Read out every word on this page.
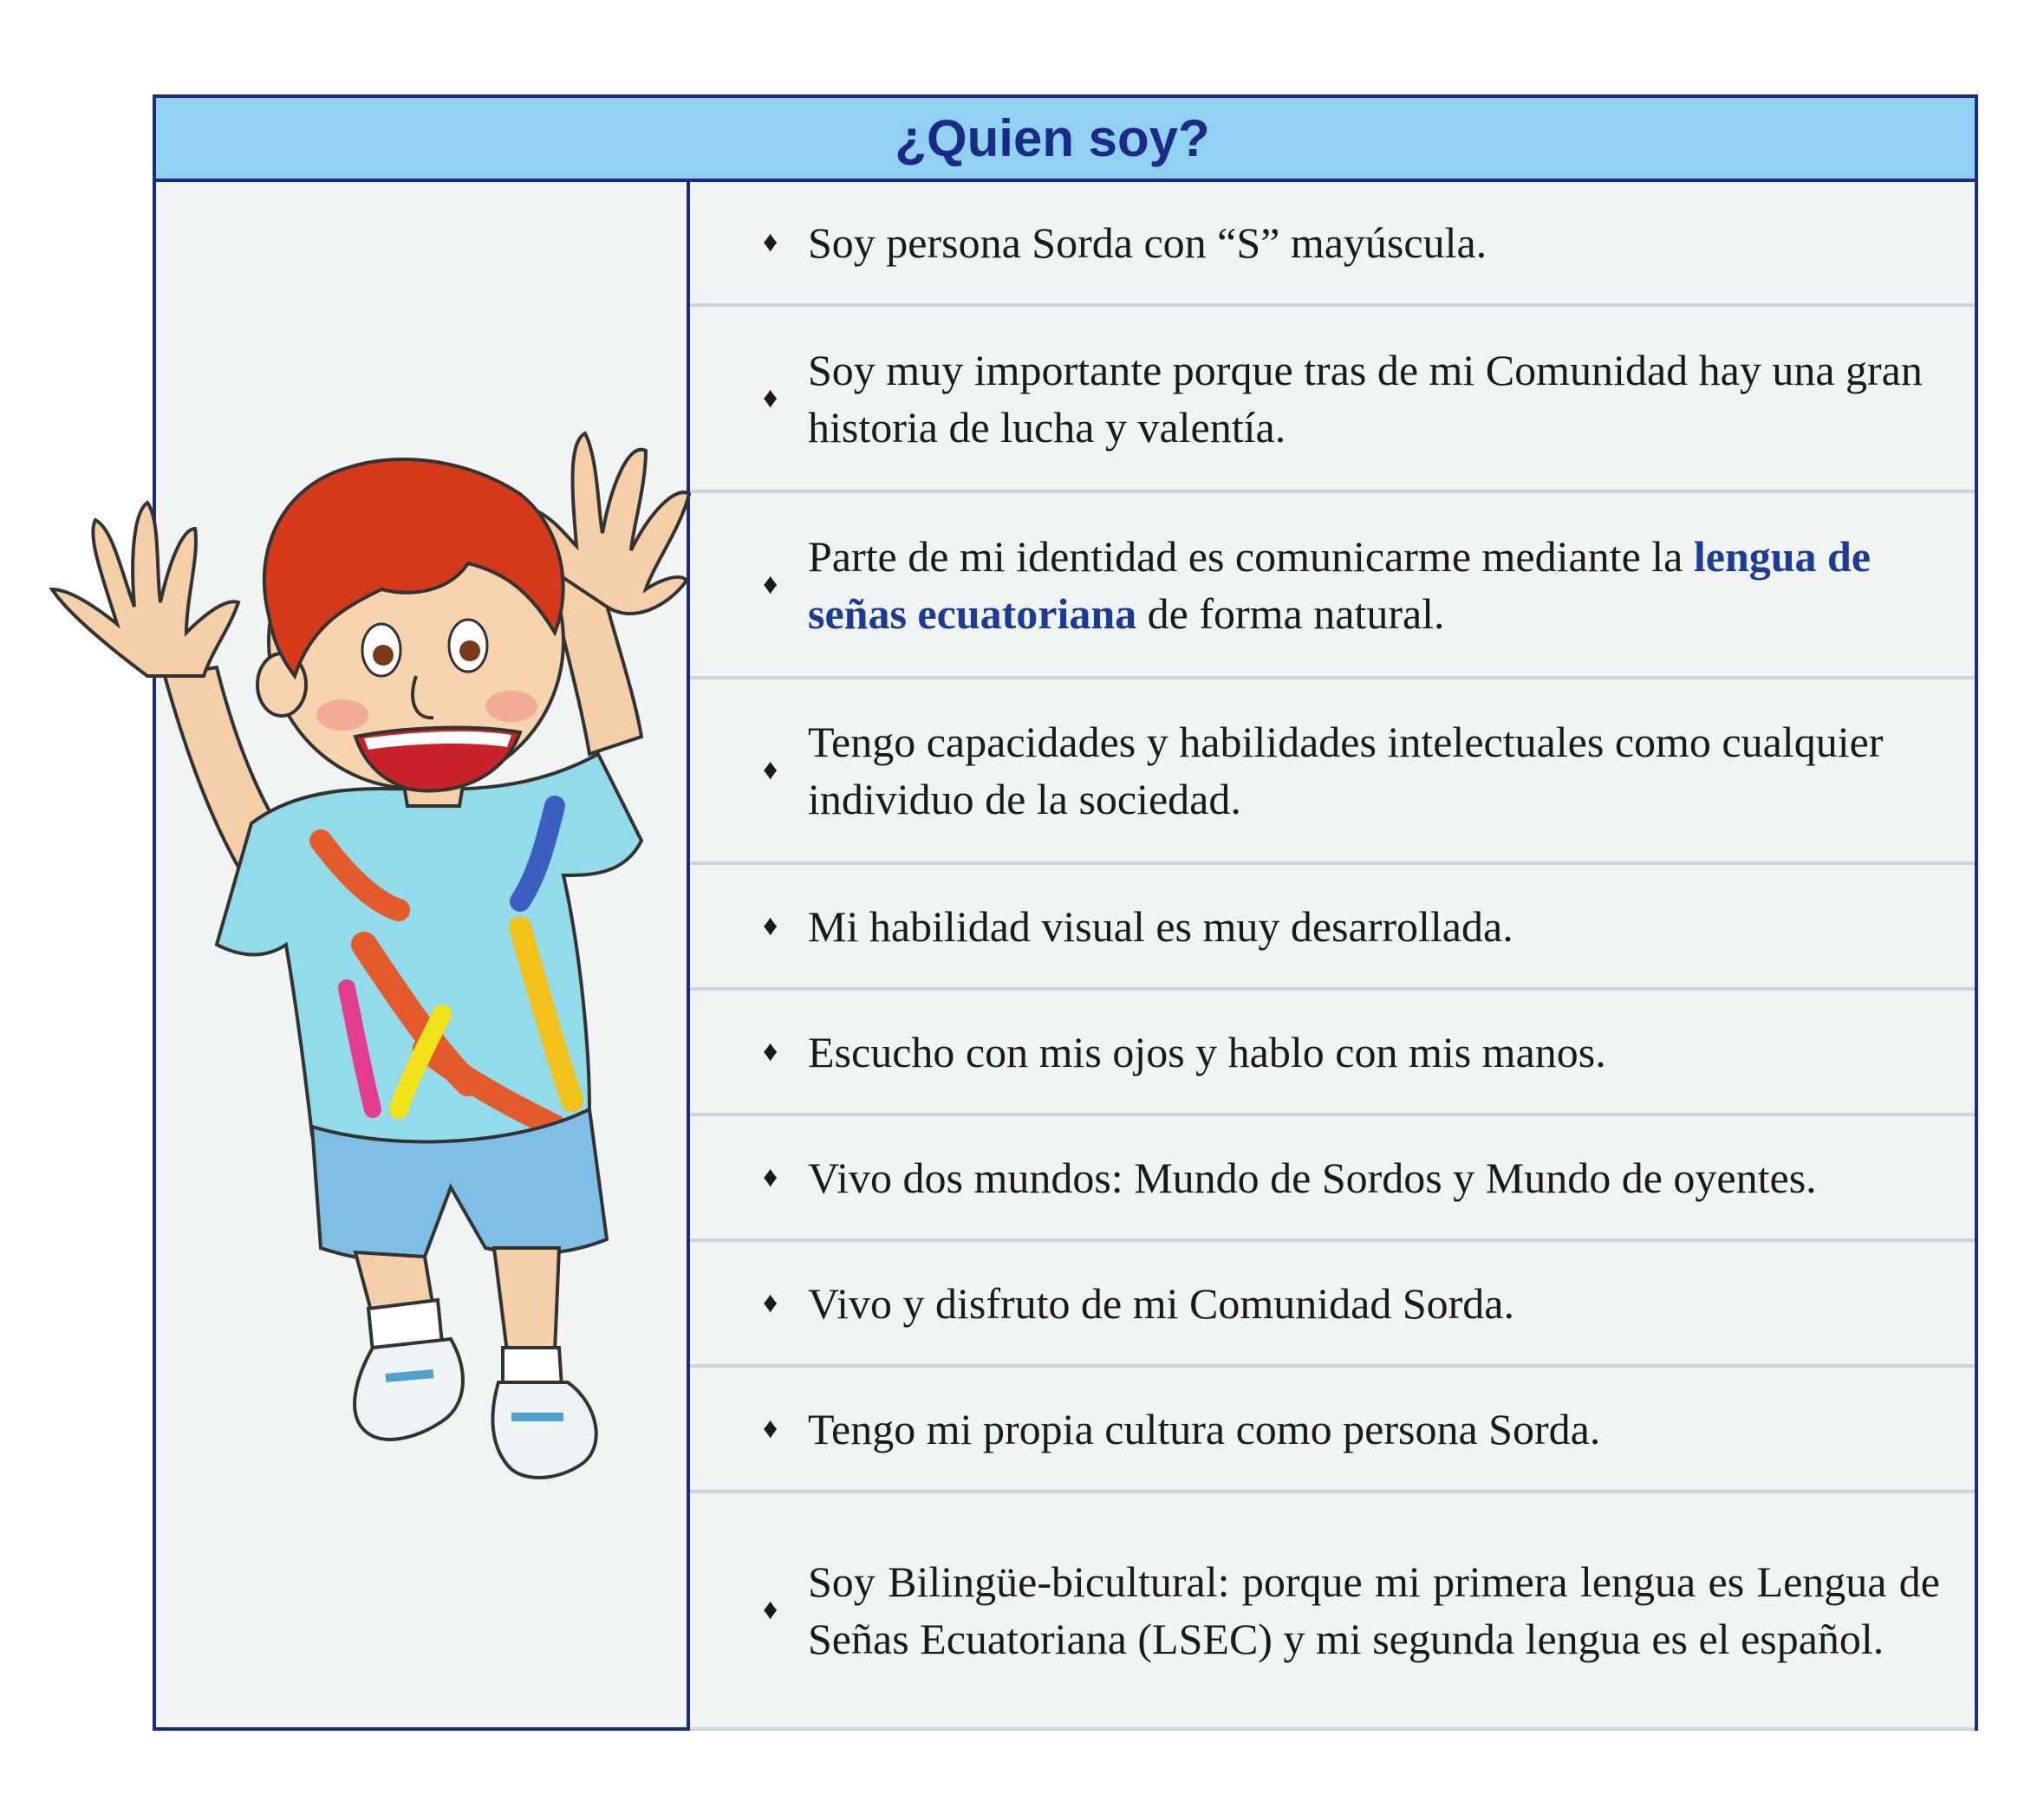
¿Quien soy?
♦ Soy persona Sorda con “S” mayúscula.
♦
Soy muy importante porque tras de mi Comunidad hay una gran historia de lucha y valentía.
♦
Parte de mi identidad es comunicarme mediante la lengua de señas ecuatoriana de forma natural.
♦
Tengo capacidades y habilidades intelectuales como cualquier individuo de la sociedad.
♦ Mi habilidad visual es muy desarrollada.
♦ Escucho con mis ojos y hablo con mis manos.
♦ Vivo dos mundos: Mundo de Sordos y Mundo de oyentes.
♦ Vivo y disfruto de mi Comunidad Sorda.
♦ Tengo mi propia cultura como persona Sorda.
♦
Soy Bilingüe-bicultural: porque mi primera lengua es Lengua de Señas Ecuatoriana (LSEC) y mi segunda lengua es el español.
